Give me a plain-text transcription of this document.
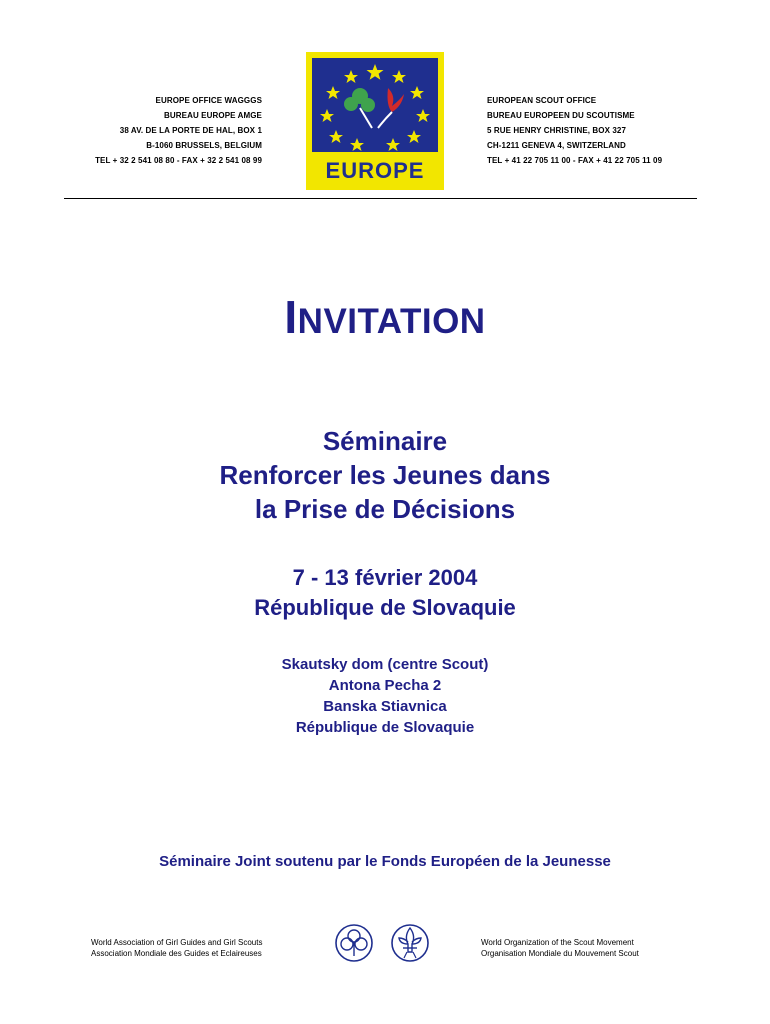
EUROPE OFFICE WAGGGS
BUREAU EUROPE AMGE
38 AV. DE LA PORTE DE HAL, BOX 1
B-1060 BRUSSELS, BELGIUM
TEL + 32 2 541 08 80 - FAX + 32 2 541 08 99	EUROPE
EUROPEAN SCOUT OFFICE
BUREAU EUROPEEN DU SCOUTISME
5 RUE HENRY CHRISTINE, BOX 327
CH-1211 GENEVA 4, SWITZERLAND
TEL + 41 22 705 11 00 - FAX + 41 22 705 11 09
INVITATION
Séminaire
Renforcer les Jeunes dans
la Prise de Décisions
7 - 13 février 2004
République de Slovaquie
Skautsky dom (centre Scout)
Antona Pecha 2
Banska Stiavnica
République de Slovaquie
Séminaire Joint soutenu par le Fonds Européen de la Jeunesse
World Association of Girl Guides and Girl Scouts
Association Mondiale des Guides et Eclaireuses
World Organization of the Scout Movement
Organisation Mondiale du Mouvement Scout
